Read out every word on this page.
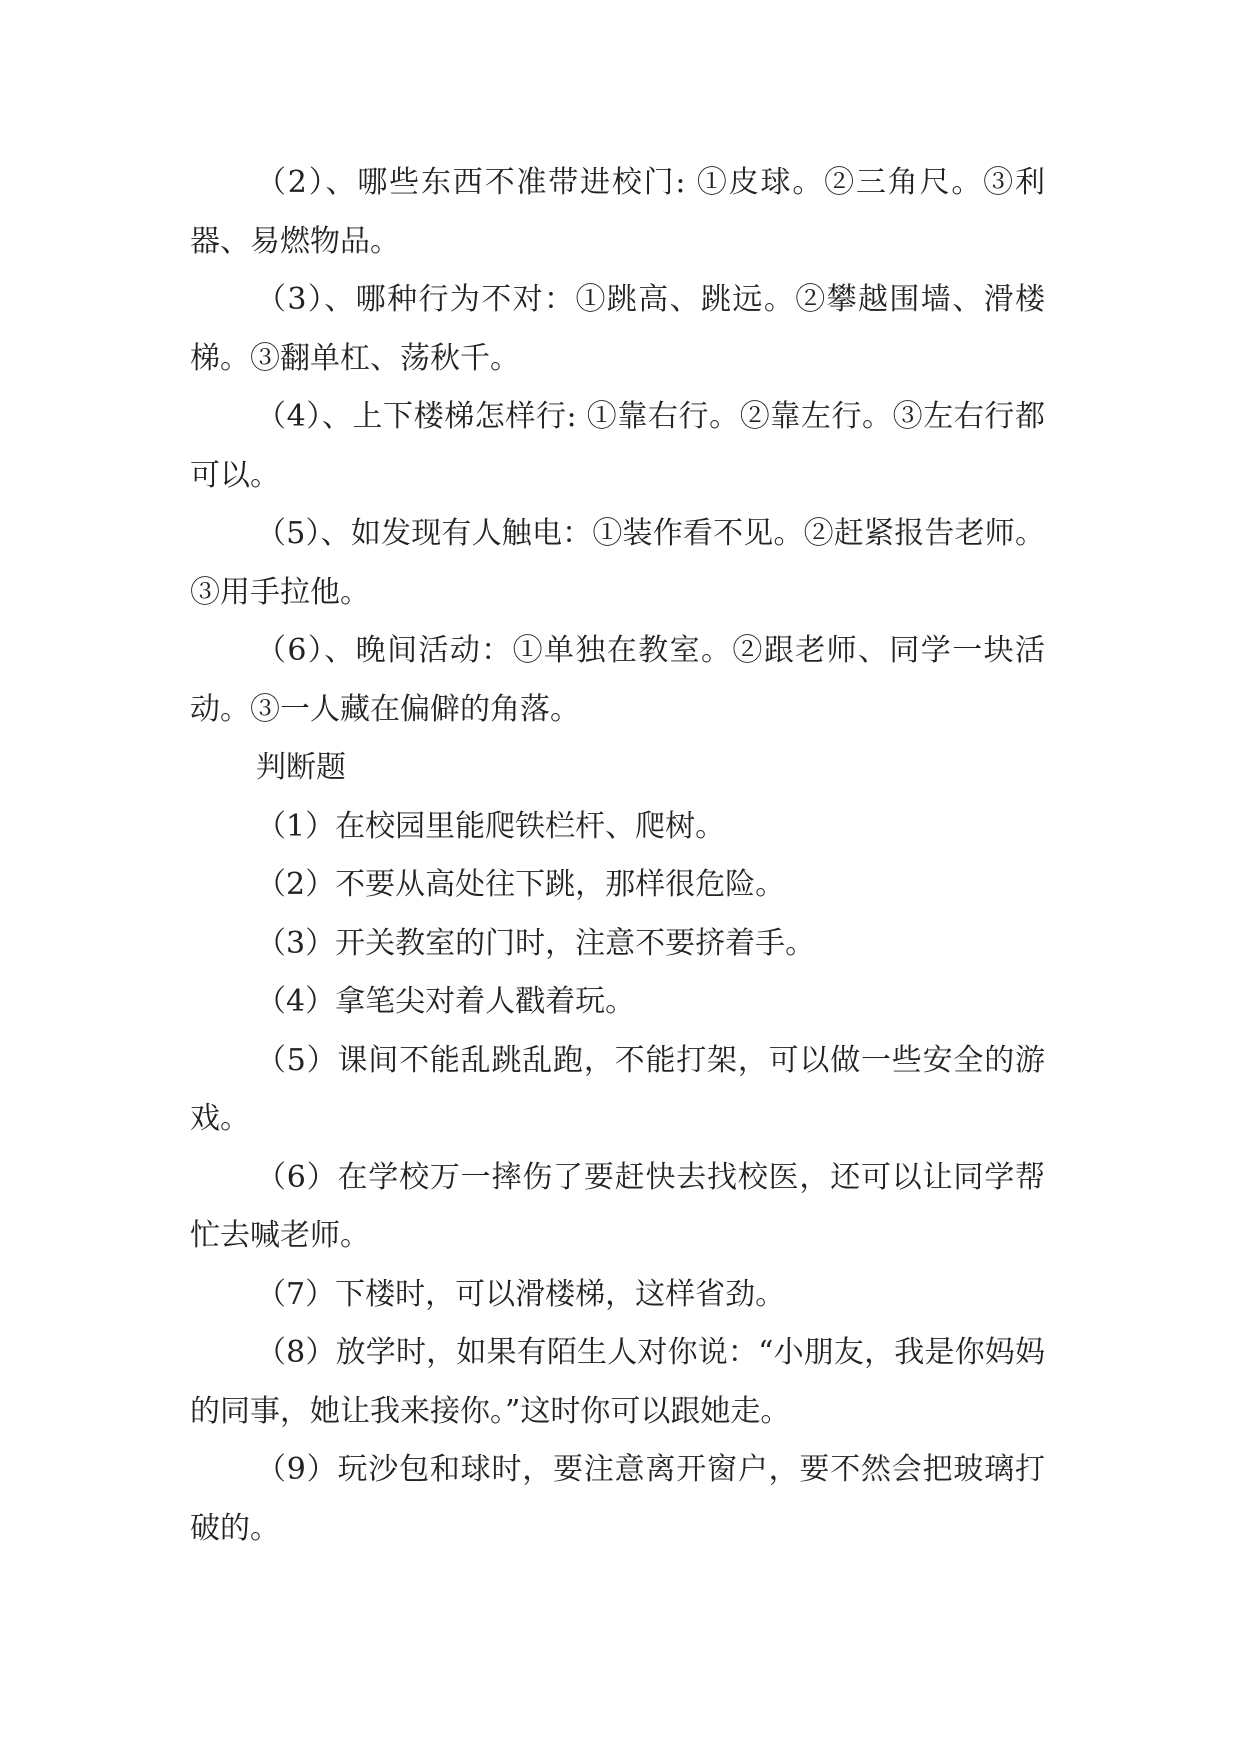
（2）、哪些东西不准带进校门: ①皮球。②三角尺。③利器、易燃物品。

（3）、哪种行为不对：①跳高、跳远。②攀越围墙、滑楼梯。③翻单杠、荡秋千。

（4）、上下楼梯怎样行: ①靠右行。②靠左行。③左右行都可以。

（5）、如发现有人触电：①装作看不见。②赶紧报告老师。③用手拉他。

（6）、晚间活动：①单独在教室。②跟老师、同学一块活动。③一人藏在偏僻的角落。

判断题

（1）在校园里能爬铁栏杆、爬树。

（2）不要从高处往下跳，那样很危险。

（3）开关教室的门时，注意不要挤着手。

（4）拿笔尖对着人戳着玩。

（5）课间不能乱跳乱跑，不能打架，可以做一些安全的游戏。

（6）在学校万一摔伤了要赶快去找校医，还可以让同学帮忙去喊老师。

（7）下楼时，可以滑楼梯，这样省劲。

（8）放学时，如果有陌生人对你说：“小朋友，我是你妈妈的同事，她让我来接你。”这时你可以跟她走。

（9）玩沙包和球时，要注意离开窗户，要不然会把玻璃打破的。
